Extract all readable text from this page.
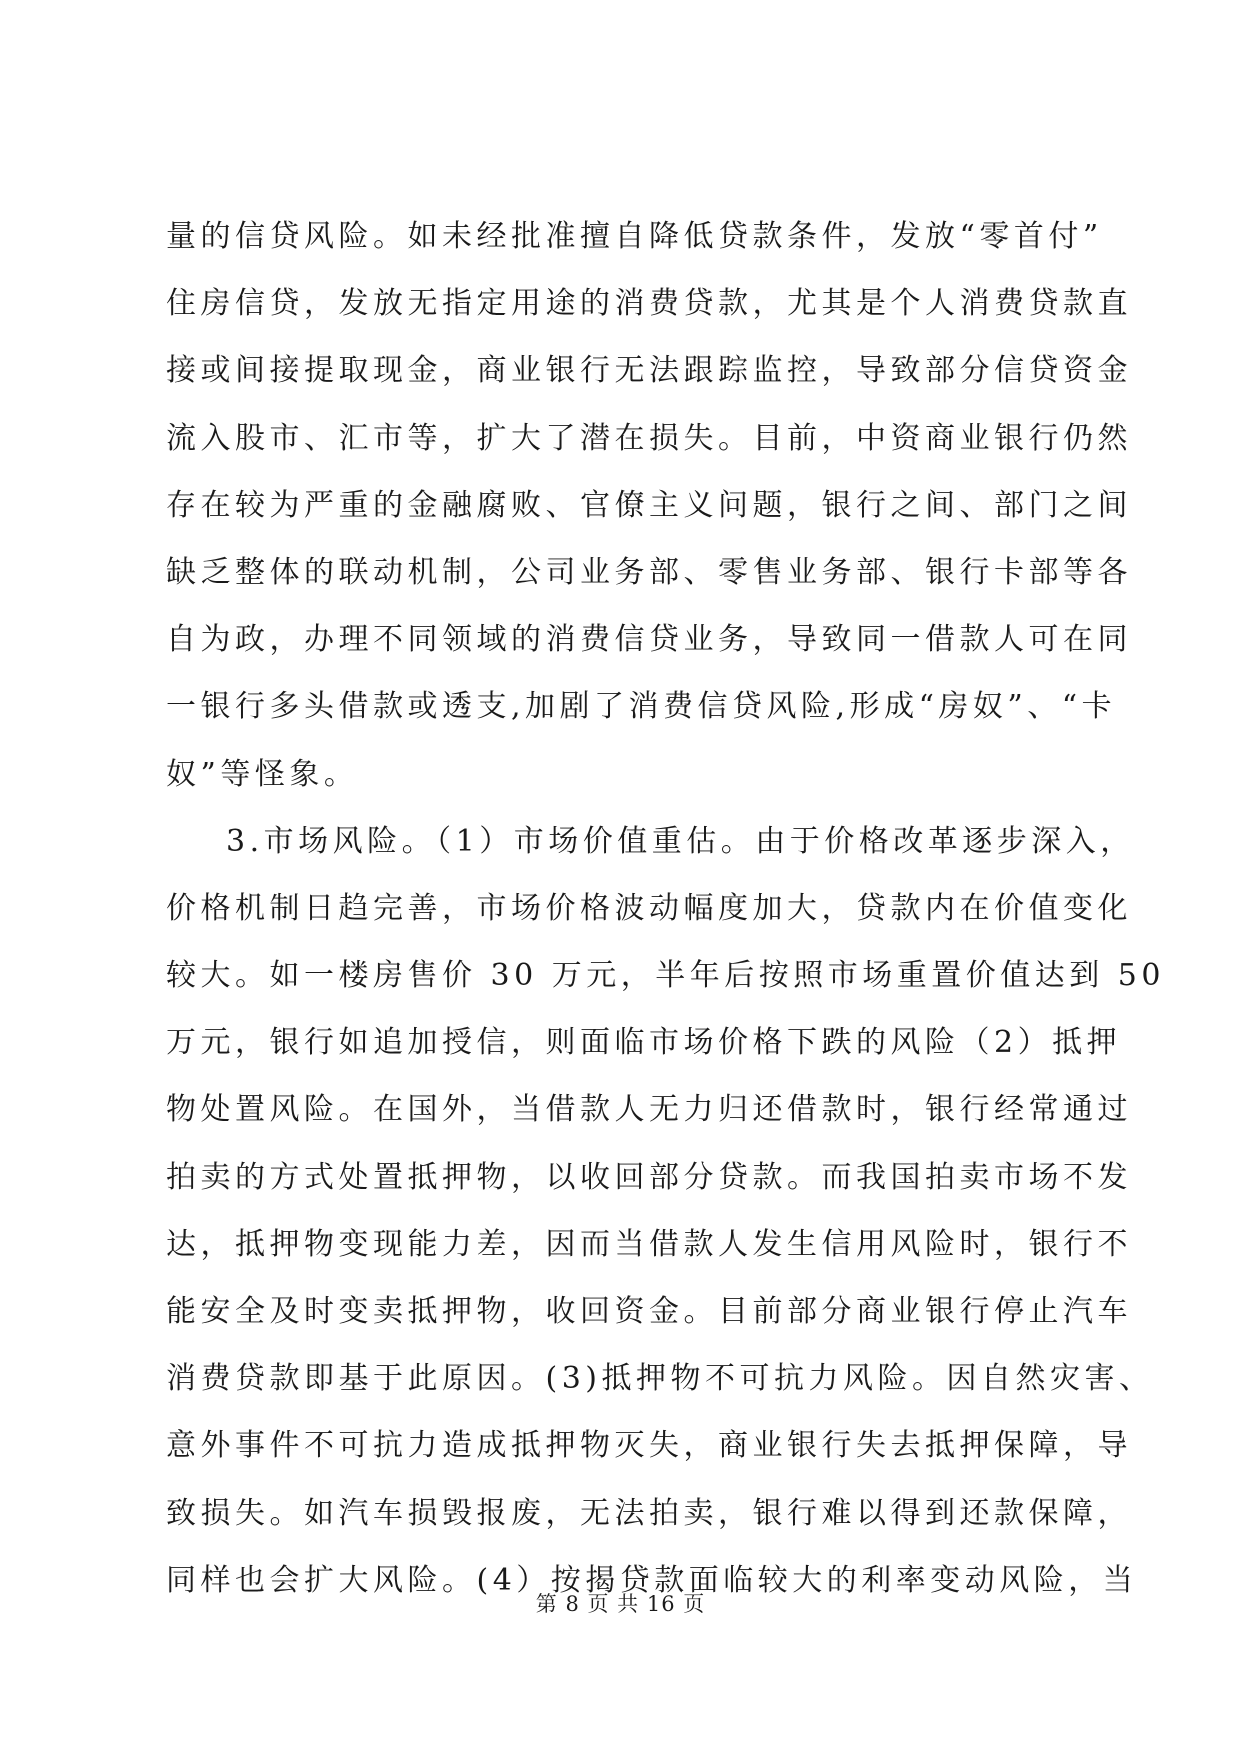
量的信贷风险。如未经批准擅自降低贷款条件，发放“零首付”
住房信贷，发放无指定用途的消费贷款，尤其是个人消费贷款直
接或间接提取现金，商业银行无法跟踪监控，导致部分信贷资金
流入股市、汇市等，扩大了潜在损失。目前，中资商业银行仍然
存在较为严重的金融腐败、官僚主义问题，银行之间、部门之间
缺乏整体的联动机制，公司业务部、零售业务部、银行卡部等各
自为政，办理不同领域的消费信贷业务，导致同一借款人可在同
一银行多头借款或透支,加剧了消费信贷风险,形成“房奴”、“卡
奴”等怪象。
3.市场风险。（1）市场价值重估。由于价格改革逐步深入，
价格机制日趋完善，市场价格波动幅度加大，贷款内在价值变化
较大。如一楼房售价 30 万元，半年后按照市场重置价值达到 50
万元，银行如追加授信，则面临市场价格下跌的风险（2）抵押
物处置风险。在国外，当借款人无力归还借款时，银行经常通过
拍卖的方式处置抵押物，以收回部分贷款。而我国拍卖市场不发
达，抵押物变现能力差，因而当借款人发生信用风险时，银行不
能安全及时变卖抵押物，收回资金。目前部分商业银行停止汽车
消费贷款即基于此原因。(3)抵押物不可抗力风险。因自然灾害、
意外事件不可抗力造成抵押物灭失，商业银行失去抵押保障，导
致损失。如汽车损毁报废，无法拍卖，银行难以得到还款保障，
同样也会扩大风险。(4）按揭贷款面临较大的利率变动风险，当
第 8 页 共 16 页
